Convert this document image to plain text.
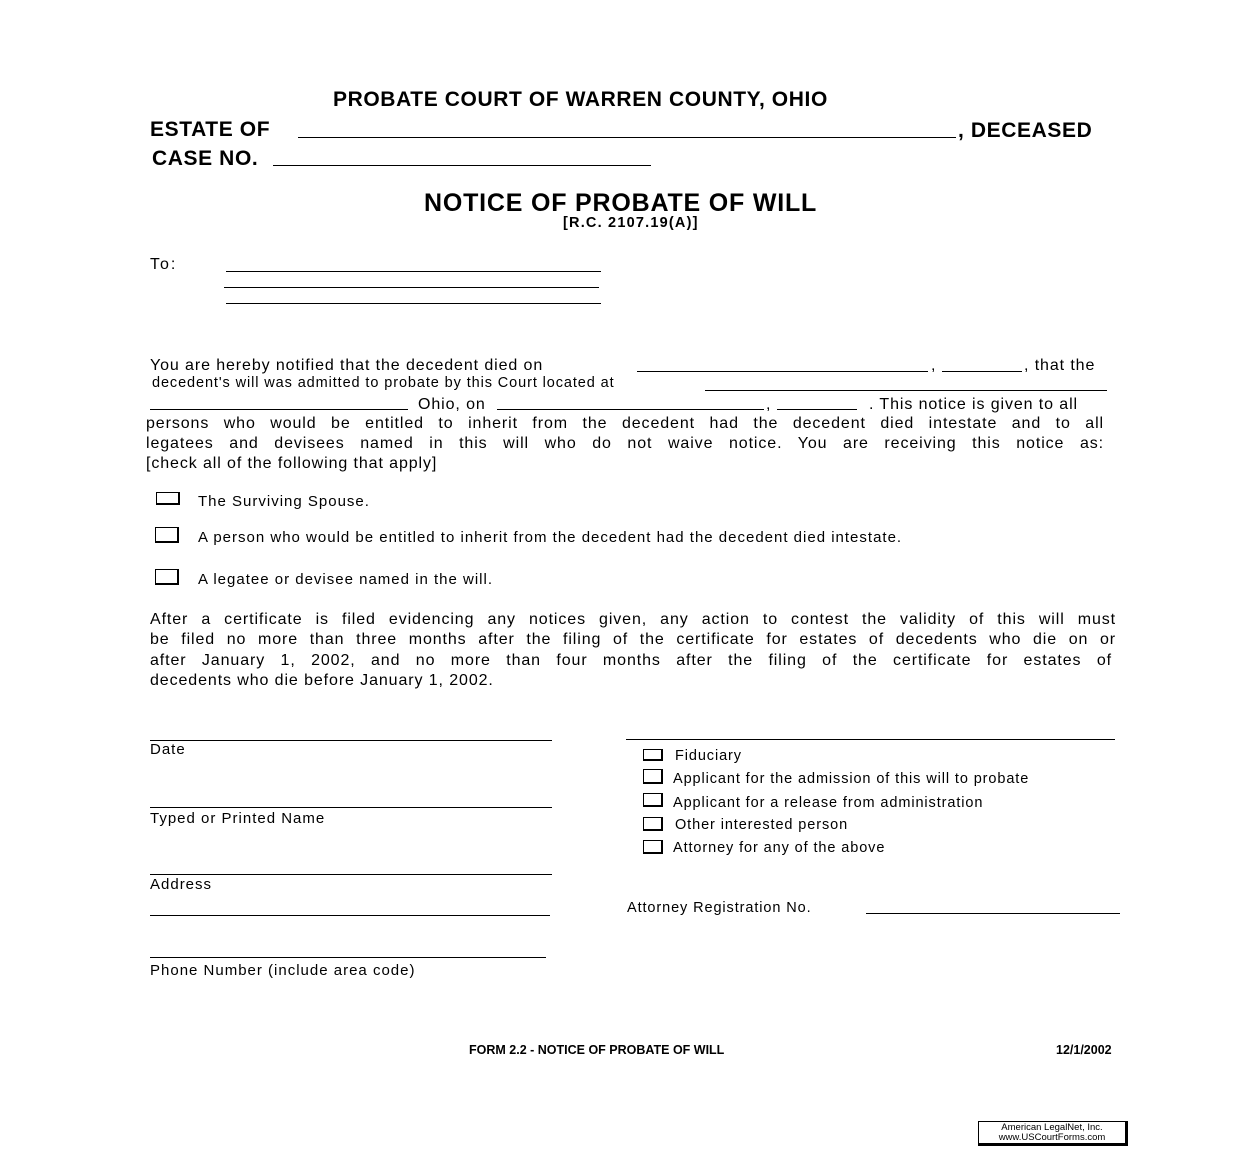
PROBATE COURT OF WARREN COUNTY, OHIO
ESTATE OF	, DECEASED
CASE NO.
NOTICE OF PROBATE OF WILL
[R.C. 2107.19(A)]
To:
You are hereby notified that the decedent died on	,	, that the
decedent's will was admitted to probate by this Court located at
Ohio, on	,	. This notice is given to all
persons who would be entitled to inherit from the decedent had the decedent died intestate and to all
legatees and devisees named in this will who do not waive notice. You are receiving this notice as:
[check all of the following that apply]
The Surviving Spouse.
A person who would be entitled to inherit from the decedent had the decedent died intestate.
A legatee or devisee named in the will.
After a certificate is filed evidencing any notices given, any action to contest the validity of this will must
be filed no more than three months after the filing of the certificate for estates of decedents who die on or
after January 1, 2002, and no more than four months after the filing of the certificate for estates of
decedents who die before January 1, 2002.
Date
Typed or Printed Name
Address
Phone Number (include area code)
Fiduciary
Applicant for the admission of this will to probate
Applicant for a release from administration
Other interested person
Attorney for any of the above
Attorney Registration No.
FORM 2.2 - NOTICE OF PROBATE OF WILL	12/1/2002
American LegalNet, Inc.
www.USCourtForms.com
